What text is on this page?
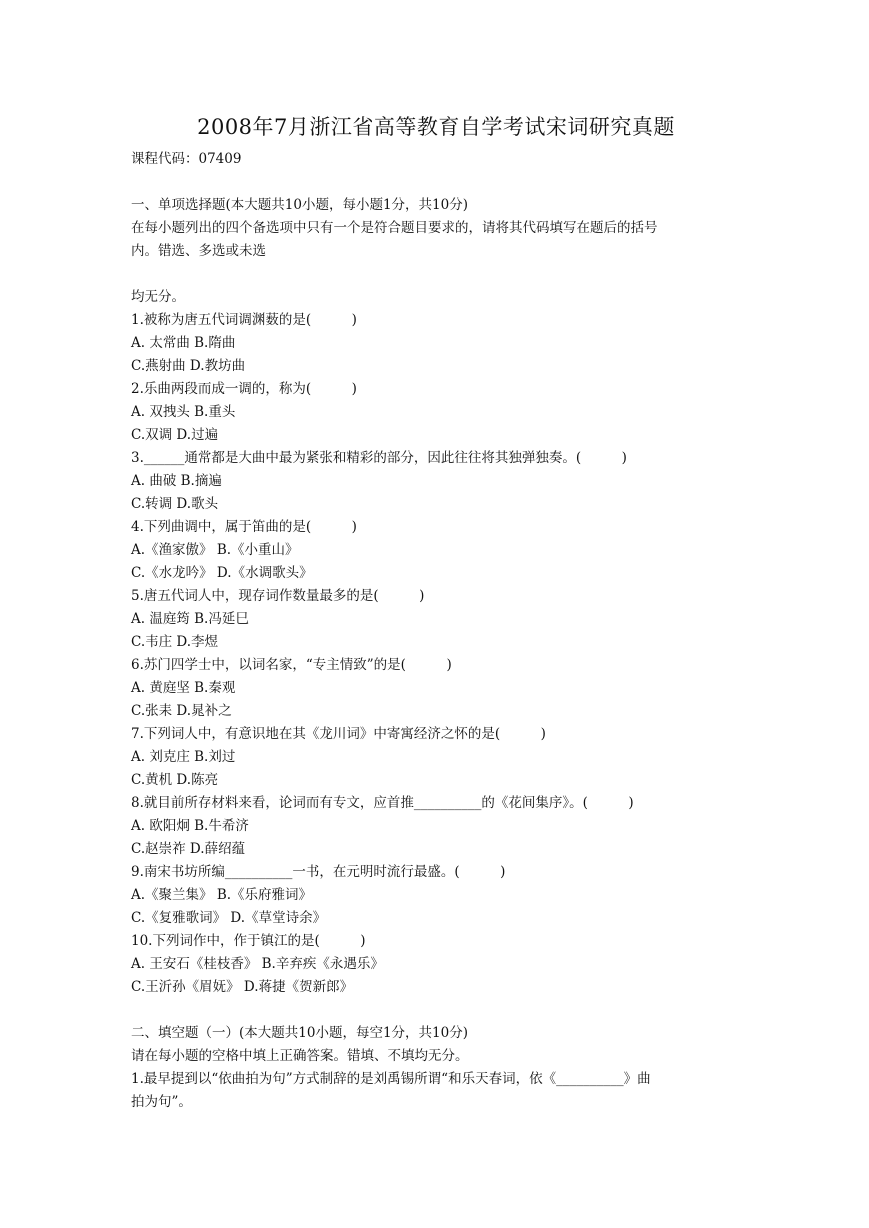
2008年7月浙江省高等教育自学考试宋词研究真题
课程代码：07409
一、单项选择题(本大题共10小题，每小题1分，共10分)
在每小题列出的四个备选项中只有一个是符合题目要求的，请将其代码填写在题后的括号
内。错选、多选或未选
均无分。
1.被称为唐五代词调渊薮的是(　　　)
A. 太常曲 B.隋曲
C.燕射曲 D.教坊曲
2.乐曲两段而成一调的，称为(　　　)
A. 双拽头 B.重头
C.双调 D.过遍
3.______通常都是大曲中最为紧张和精彩的部分，因此往往将其独弹独奏。(　　　)
A. 曲破 B.摘遍
C.转调 D.歌头
4.下列曲调中，属于笛曲的是(　　　)
A.《渔家傲》 B.《小重山》
C.《水龙吟》 D.《水调歌头》
5.唐五代词人中，现存词作数量最多的是(　　　)
A. 温庭筠 B.冯延巳
C.韦庄 D.李煜
6.苏门四学士中，以词名家，“专主情致”的是(　　　)
A. 黄庭坚 B.秦观
C.张耒 D.晁补之
7.下列词人中，有意识地在其《龙川词》中寄寓经济之怀的是(　　　)
A. 刘克庄 B.刘过
C.黄机 D.陈亮
8.就目前所存材料来看，论词而有专文，应首推__________的《花间集序》。(　　　)
A. 欧阳炯 B.牛希济
C.赵崇祚 D.薛绍蕴
9.南宋书坊所编__________一书，在元明时流行最盛。(　　　)
A.《聚兰集》 B.《乐府雅词》
C.《复雅歌词》 D.《草堂诗余》
10.下列词作中，作于镇江的是(　　　)
A. 王安石《桂枝香》 B.辛弃疾《永遇乐》
C.王沂孙《眉妩》 D.蒋捷《贺新郎》
二、填空题（一）(本大题共10小题，每空1分，共10分)
请在每小题的空格中填上正确答案。错填、不填均无分。
1.最早提到以“依曲拍为句”方式制辞的是刘禹锡所谓“和乐天春词，依《__________》曲
拍为句”。
